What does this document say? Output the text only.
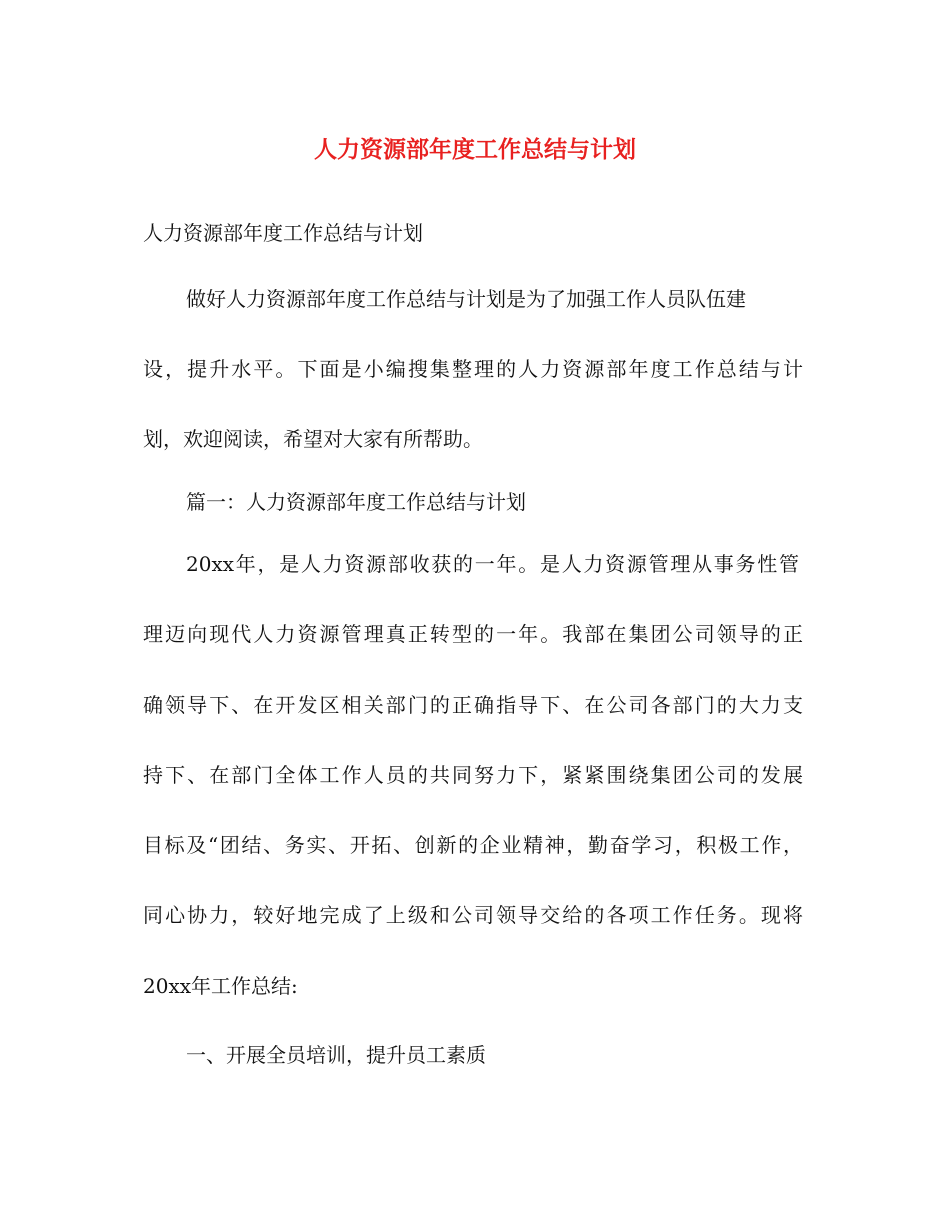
人力资源部年度工作总结与计划

人力资源部年度工作总结与计划

做好人力资源部年度工作总结与计划是为了加强工作人员队伍建

设，提升水平。下面是小编搜集整理的人力资源部年度工作总结与计

划，欢迎阅读，希望对大家有所帮助。

篇一：人力资源部年度工作总结与计划

20xx年，是人力资源部收获的一年。是人力资源管理从事务性管

理迈向现代人力资源管理真正转型的一年。我部在集团公司领导的正

确领导下、在开发区相关部门的正确指导下、在公司各部门的大力支

持下、在部门全体工作人员的共同努力下，紧紧围绕集团公司的发展

目标及“团结、务实、开拓、创新的企业精神，勤奋学习，积极工作，

同心协力，较好地完成了上级和公司领导交给的各项工作任务。现将

20xx年工作总结:

一、开展全员培训，提升员工素质
